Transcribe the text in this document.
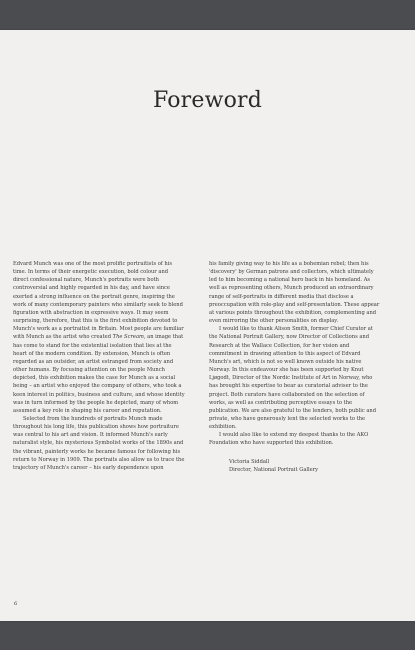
Foreword

Edvard Munch was one of the most prolific portraitists of his time. In terms of their energetic execution, bold colour and direct confessional nature, Munch's portraits were both controversial and highly regarded in his day, and have since exerted a strong influence on the portrait genre, inspiring the work of many contemporary painters who similarly seek to blend figuration with abstraction in expressive ways. It may seem surprising, therefore, that this is the first exhibition devoted to Munch's work as a portraitist in Britain. Most people are familiar with Munch as the artist who created The Scream, an image that has come to stand for the existential isolation that lies at the heart of the modern condition. By extension, Munch is often regarded as an outsider, an artist estranged from society and other humans. By focusing attention on the people Munch depicted, this exhibition makes the case for Munch as a social being – an artist who enjoyed the company of others, who took a keen interest in politics, business and culture, and whose identity was in turn informed by the people he depicted, many of whom assumed a key role in shaping his career and reputation.

Selected from the hundreds of portraits Munch made throughout his long life, this publication shows how portraiture was central to his art and vision. It informed Munch's early naturalist style, his mysterious Symbolist works of the 1890s and the vibrant, painterly works he became famous for following his return to Norway in 1909. The portraits also allow us to trace the trajectory of Munch's career – his early dependence upon

his family giving way to his life as a bohemian rebel; then his 'discovery' by German patrons and collectors, which ultimately led to him becoming a national hero back in his homeland. As well as representing others, Munch produced an extraordinary range of self-portraits in different media that disclose a preoccupation with role-play and self-presentation. These appear at various points throughout the exhibition, complementing and even mirroring the other personalities on display.

I would like to thank Alison Smith, former Chief Curator at the National Portrait Gallery, now Director of Collections and Research at the Wallace Collection, for her vision and commitment in drawing attention to this aspect of Edvard Munch's art, which is not so well known outside his native Norway. In this endeavour she has been supported by Knut Ljøgodt, Director of the Nordic Institute of Art in Norway, who has brought his expertise to bear as curatorial adviser to the project. Both curators have collaborated on the selection of works, as well as contributing perceptive essays to the publication. We are also grateful to the lenders, both public and private, who have generously lent the selected works to the exhibition.

I would also like to extend my deepest thanks to the AKO Foundation who have supported this exhibition.

Victoria Siddall
Director, National Portrait Gallery
6
